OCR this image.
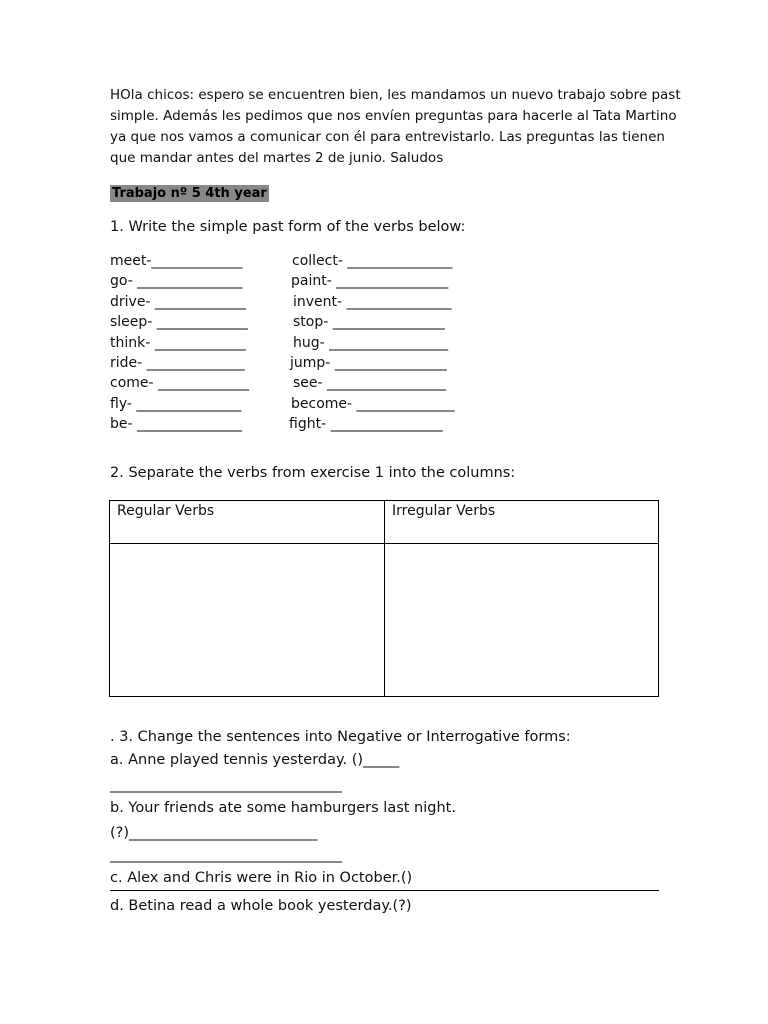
HOla chicos: espero se encuentren bien, les mandamos un nuevo trabajo sobre past
simple. Además les pedimos que nos envíen preguntas para hacerle al Tata Martino
ya que nos vamos a comunicar con él para entrevistarlo. Las preguntas las tienen
que mandar antes del martes 2 de junio. Saludos
Trabajo nº 5 4th year
1. Write the simple past form of the verbs below:
meet-_____________	collect- _______________
go- _______________	paint- ________________
drive- _____________	invent- _______________
sleep- _____________	stop- ________________
think- _____________	hug- _________________
ride- ______________	jump- ________________
come- _____________	see- _________________
fly- _______________	become- ______________
be- _______________	fight- ________________
2. Separate the verbs from exercise 1 into the columns:
Regular Verbs	Irregular Verbs

. 3. Change the sentences into Negative or Interrogative forms:
a. Anne played tennis yesterday. ()_____
________________________________
b. Your friends ate some hamburgers last night.
(?)__________________________
________________________________
c. Alex and Chris were in Rio in October.()
d. Betina read a whole book yesterday.(?)
